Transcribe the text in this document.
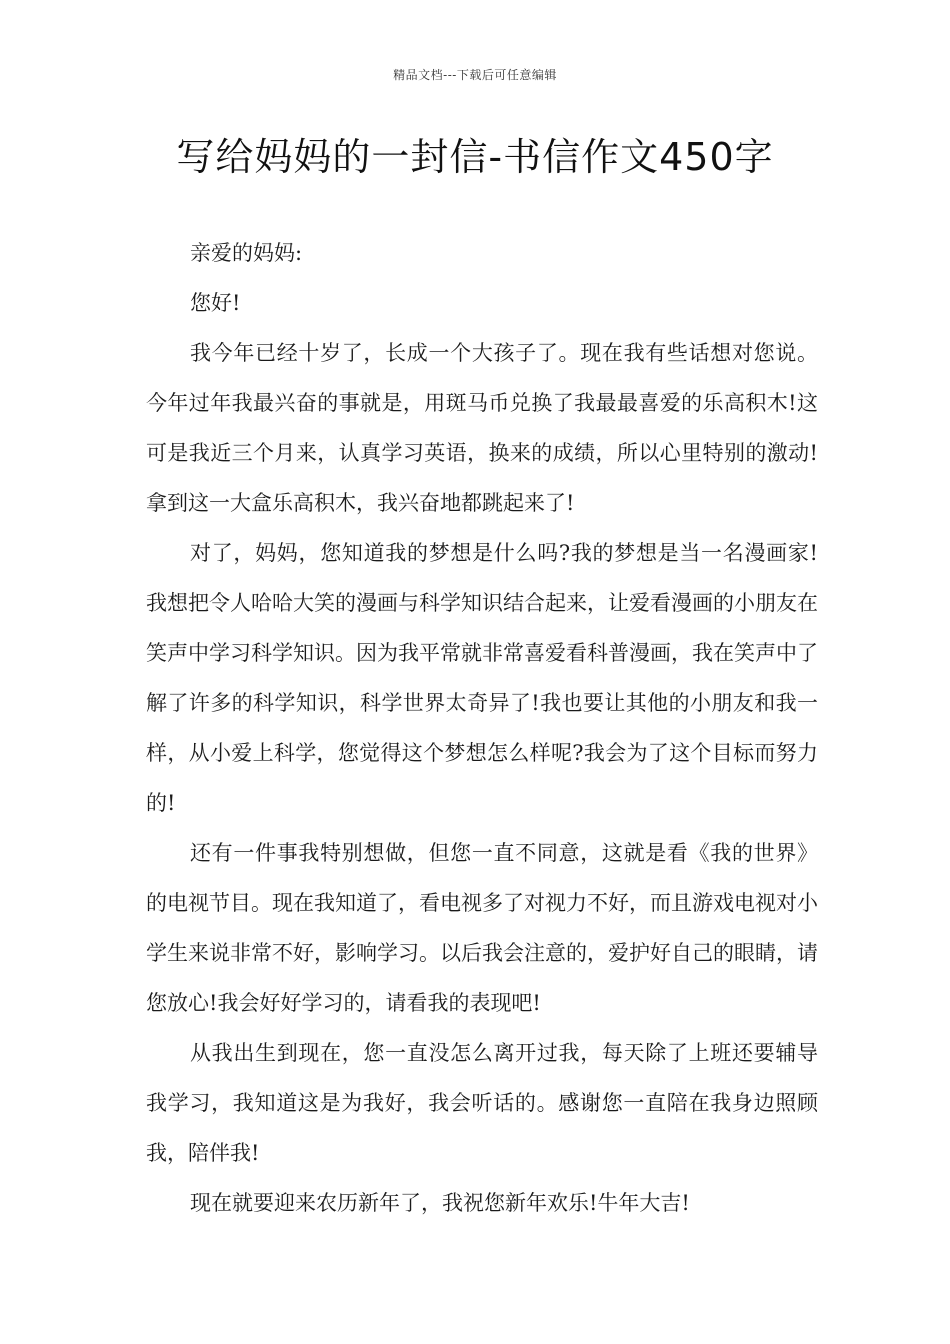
精品文档---下载后可任意编辑
写给妈妈的一封信-书信作文450字

亲爱的妈妈:

您好!

我今年已经十岁了，长成一个大孩子了。现在我有些话想对您说。今年过年我最兴奋的事就是，用斑马币兑换了我最最喜爱的乐高积木!这可是我近三个月来，认真学习英语，换来的成绩，所以心里特别的激动!拿到这一大盒乐高积木，我兴奋地都跳起来了!

对了，妈妈，您知道我的梦想是什么吗?我的梦想是当一名漫画家!我想把令人哈哈大笑的漫画与科学知识结合起来，让爱看漫画的小朋友在笑声中学习科学知识。因为我平常就非常喜爱看科普漫画，我在笑声中了解了许多的科学知识，科学世界太奇异了!我也要让其他的小朋友和我一样，从小爱上科学，您觉得这个梦想怎么样呢?我会为了这个目标而努力的!

还有一件事我特别想做，但您一直不同意，这就是看《我的世界》的电视节目。现在我知道了，看电视多了对视力不好，而且游戏电视对小学生来说非常不好，影响学习。以后我会注意的，爱护好自己的眼睛，请您放心!我会好好学习的，请看我的表现吧!

从我出生到现在，您一直没怎么离开过我，每天除了上班还要辅导我学习，我知道这是为我好，我会听话的。感谢您一直陪在我身边照顾我，陪伴我!

现在就要迎来农历新年了，我祝您新年欢乐!牛年大吉!
